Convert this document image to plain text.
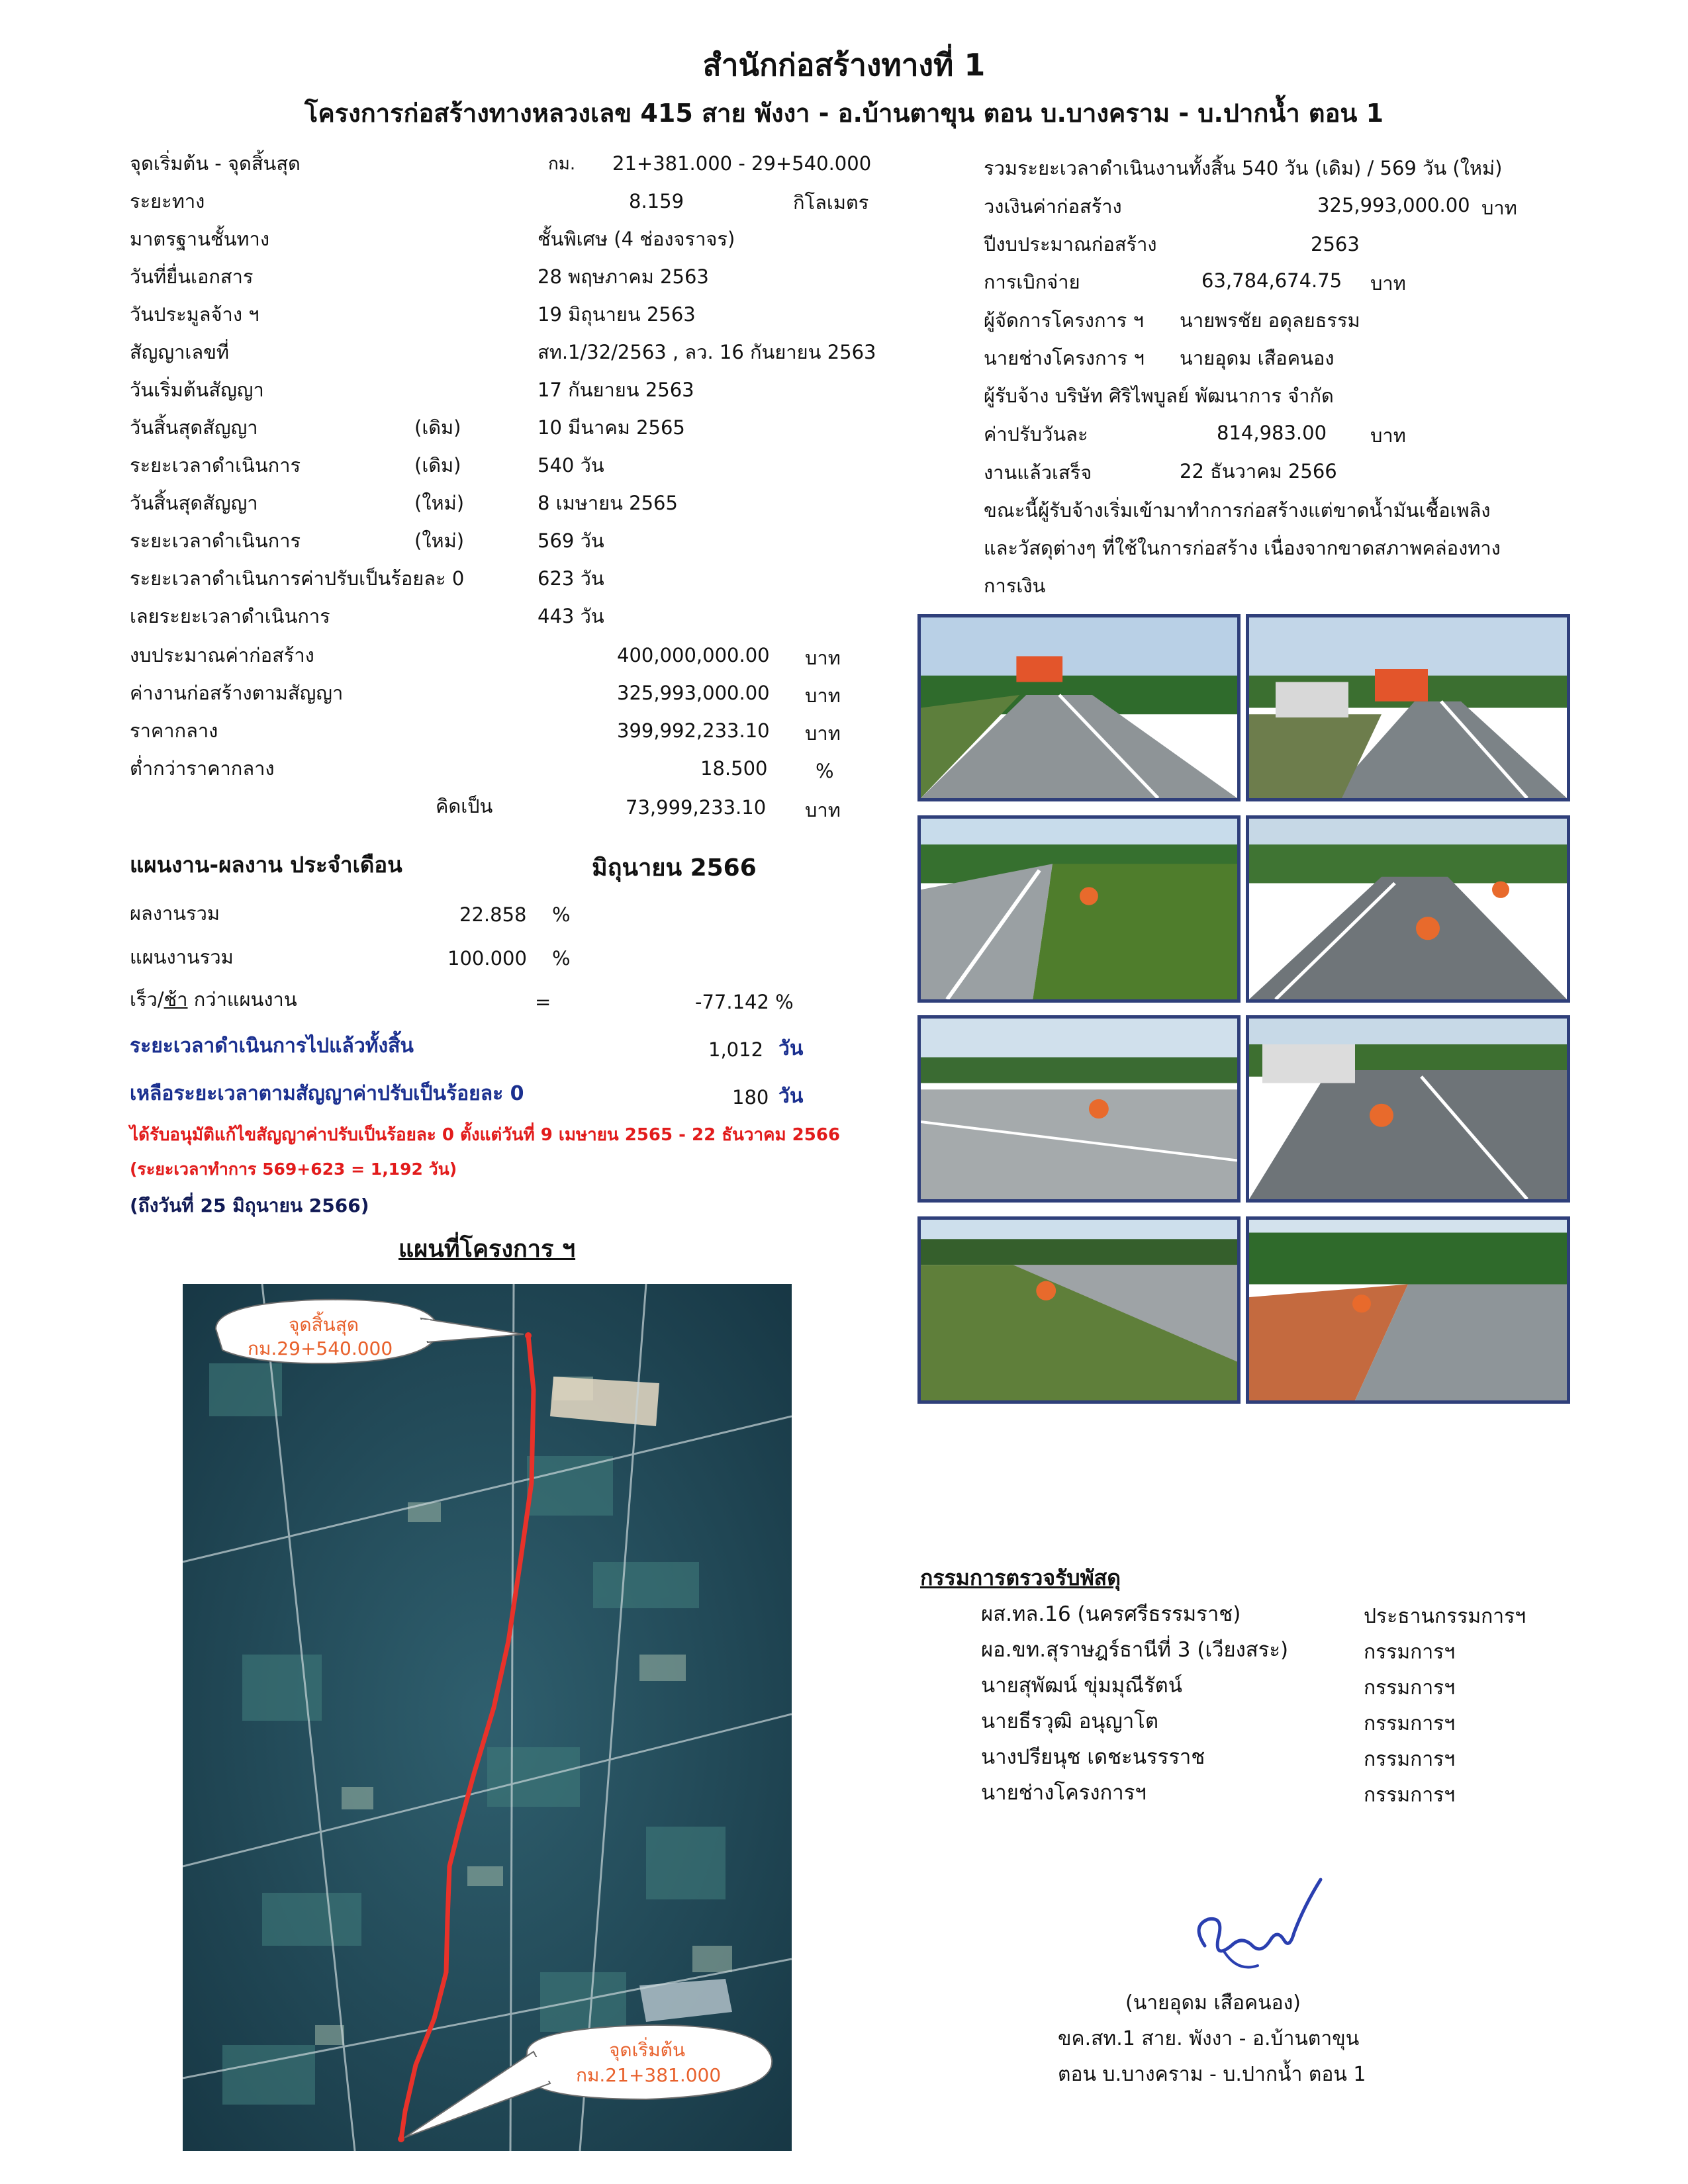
สำนักก่อสร้างทางที่ 1
โครงการก่อสร้างทางหลวงเลข 415 สาย พังงา - อ.บ้านตาขุน ตอน บ.บางคราม - บ.ปากน้ำ ตอน 1
จุดเริ่มต้น - จุดสิ้นสุด	กม. 21+381.000 - 29+540.000
ระยะทาง	8.159	กิโลเมตร
มาตรฐานชั้นทาง	ชั้นพิเศษ (4 ช่องจราจร)
วันที่ยื่นเอกสาร	28 พฤษภาคม 2563
วันประมูลจ้าง ฯ	19 มิถุนายน 2563
สัญญาเลขที่	สท.1/32/2563 , ลว. 16 กันยายน 2563
วันเริ่มต้นสัญญา	17 กันยายน 2563
วันสิ้นสุดสัญญา	(เดิม)	10 มีนาคม 2565
ระยะเวลาดำเนินการ	(เดิม)	540 วัน
วันสิ้นสุดสัญญา	(ใหม่)	8 เมษายน 2565
ระยะเวลาดำเนินการ	(ใหม่)	569 วัน
ระยะเวลาดำเนินการค่าปรับเป็นร้อยละ 0	623 วัน
เลยระยะเวลาดำเนินการ	443 วัน
งบประมาณค่าก่อสร้าง	400,000,000.00 บาท
ค่างานก่อสร้างตามสัญญา	325,993,000.00 บาท
ราคากลาง	399,992,233.10 บาท
ต่ำกว่าราคากลาง	18.500	%
คิดเป็น	73,999,233.10 บาท
แผนงาน-ผลงาน ประจำเดือน	มิถุนายน 2566
ผลงานรวม	22.858 %
แผนงานรวม	100.000 %
เร็ว/ช้า กว่าแผนงาน	=	-77.142 %
ระยะเวลาดำเนินการไปแล้วทั้งสิ้น	1,012 วัน
เหลือระยะเวลาตามสัญญาค่าปรับเป็นร้อยละ 0	180 วัน
ได้รับอนุมัติแก้ไขสัญญาค่าปรับเป็นร้อยละ 0 ตั้งแต่วันที่ 9 เมษายน 2565 - 22 ธันวาคม 2566
(ระยะเวลาทำการ 569+623 = 1,192 วัน)
(ถึงวันที่ 25 มิถุนายน 2566)
แผนที่โครงการ ฯ
จุดสิ้นสุด
กม.29+540.000
จุดเริ่มต้น
กม.21+381.000
รวมระยะเวลาดำเนินงานทั้งสิ้น 540 วัน (เดิม) / 569 วัน (ใหม่)
วงเงินค่าก่อสร้าง	325,993,000.00 บาท
ปีงบประมาณก่อสร้าง	2563
การเบิกจ่าย	63,784,674.75 บาท
ผู้จัดการโครงการ ฯ นายพรชัย อดุลยธรรม
นายช่างโครงการ ฯ นายอุดม เสือคนอง
ผู้รับจ้าง บริษัท ศิริไพบูลย์ พัฒนาการ จำกัด
ค่าปรับวันละ	814,983.00 บาท
งานแล้วเสร็จ	22 ธันวาคม 2566
ขณะนี้ผู้รับจ้างเริ่มเข้ามาทำการก่อสร้างแต่ขาดน้ำมันเชื้อเพลิง
และวัสดุต่างๆ ที่ใช้ในการก่อสร้าง เนื่องจากขาดสภาพคล่องทาง
การเงิน
กรรมการตรวจรับพัสดุ
ผส.ทล.16 (นครศรีธรรมราช)	ประธานกรรมการฯ
ผอ.ขท.สุราษฎร์ธานีที่ 3 (เวียงสระ)	กรรมการฯ
นายสุพัฒน์ ขุ่มมุณีรัตน์	กรรมการฯ
นายธีรวุฒิ อนุญาโต	กรรมการฯ
นางปรียนุช เดชะนรรราช	กรรมการฯ
นายช่างโครงการฯ	กรรมการฯ
(นายอุดม เสือคนอง)
ขค.สท.1 สาย. พังงา - อ.บ้านตาขุน
ตอน บ.บางคราม - บ.ปากน้ำ ตอน 1
